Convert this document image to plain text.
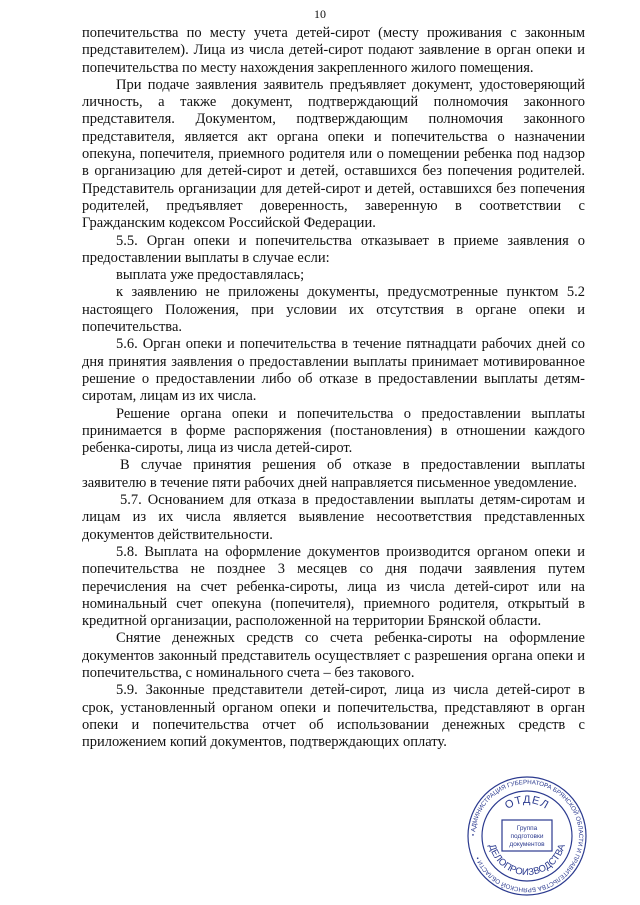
10

попечительства по месту учета детей-сирот (месту проживания с законным представителем). Лица из числа детей-сирот подают заявление в орган опеки и попечительства по месту нахождения закрепленного жилого помещения.

При подаче заявления заявитель предъявляет документ, удостоверяющий личность, а также документ, подтверждающий полномочия законного представителя. Документом, подтверждающим полномочия законного представителя, является акт органа опеки и попечительства о назначении опекуна, попечителя, приемного родителя или о помещении ребенка под надзор в организацию для детей-сирот и детей, оставшихся без попечения родителей. Представитель организации для детей-сирот и детей, оставшихся без попечения родителей, предъявляет доверенность, заверенную в соответствии с Гражданским кодексом Российской Федерации.

5.5. Орган опеки и попечительства отказывает в приеме заявления о предоставлении выплаты в случае если:

выплата уже предоставлялась;

к заявлению не приложены документы, предусмотренные пунктом 5.2 настоящего Положения, при условии их отсутствия в органе опеки и попечительства.

5.6. Орган опеки и попечительства в течение пятнадцати рабочих дней со дня принятия заявления о предоставлении выплаты принимает мотивированное решение о предоставлении либо об отказе в предоставлении выплаты детям-сиротам, лицам из их числа.

Решение органа опеки и попечительства о предоставлении выплаты принимается в форме распоряжения (постановления) в отношении каждого ребенка-сироты, лица из числа детей-сирот.

В случае принятия решения об отказе в предоставлении выплаты заявителю в течение пяти рабочих дней направляется письменное уведомление.

5.7. Основанием для отказа в предоставлении выплаты детям-сиротам и лицам из их числа является выявление несоответствия представленных документов действительности.

5.8. Выплата на оформление документов производится органом опеки и попечительства не позднее 3 месяцев со дня подачи заявления путем перечисления на счет ребенка-сироты, лица из числа детей-сирот или на номинальный счет опекуна (попечителя), приемного родителя, открытый в кредитной организации, расположенной на территории Брянской области.

Снятие денежных средств со счета ребенка-сироты на оформление документов законный представитель осуществляет с разрешения органа опеки и попечительства, с номинального счета – без такового.

5.9. Законные представители детей-сирот, лица из числа детей-сирот в срок, установленный органом опеки и попечительства, представляют в орган опеки и попечительства отчет об использовании денежных средств с приложением копий документов, подтверждающих оплату.

• АДМИНИСТРАЦИЯ ГУБЕРНАТОРА БРЯНСКОЙ ОБЛАСТИ И ПРАВИТЕЛЬСТВА БРЯНСКОЙ ОБЛАСТИ •
ОТДЕЛ
ДЕЛОПРОИЗВОДСТВА
Группа
подготовки
документов
